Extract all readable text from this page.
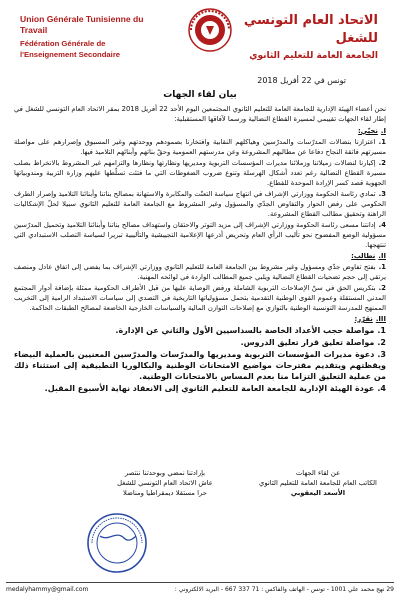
Union Générale Tunisienne du Travail
Fédération Générale de l'Enseignement Secondaire
الاتحاد العام التونسي للشغل
الجامعة العامة للتعليم الثانوي
تونس في 22 أفريل 2018
بيان لقاء الجهات

نحن أعضاء الهيئة الإدارية للجامعة العامة للتعليم الثانوي المجتمعين اليوم الأحد 22 أفريل 2018 بمقر الاتحاد العام التونسي للشغل في إطار لقاء الجهات تقييمي لمسيرة القطاع النضالية ورسما لآفاقها المستقبلية:

I.نحيّي:
1.اعتزازنا بنضالات المدرّسات والمدرّسين وهياكلهم النقابية وافتخارنا بصمودهم ووحدتهم وغير المسبوق وإصرارهم على مواصلة مسيرتهم فاتقة النجاح دفاعا عن مطالبهم المشروعة وعن مدرستهم العمومية وحقّ بناتهم وأبنائهم التلاميذ فيها.
2.إكبارنا لنضالات زميلاتنا وزملائنا مديرات المؤسسات التربوية ومديريها ونظارتها ونظارها والتزامهم غير المشروط بالانخراط بصلب مسيرة القطاع النضالية رغم تعدد أشكال الهرسلة وتنوع ضروب الضغوطات التي ما فتئت تسلّطها عليهم وزارة التربية ومندوبياتها الجهوية قصد كسر الإرادة الموحدة للقطاع.
3.تمادي رئاسة الحكومة ووزارتي الإشراف في انتهاج سياسة التعنّت والمكابرة والاستهانة بمصالح بناتنا وأبنائنا التلاميذ وإصرار الطرف الحكومي على رفض الحوار والتفاوض الجدّي والمسؤول وغير المشروط مع الجامعة العامة للتعليم الثانوي سبيلا لحلّ الإشكاليات الراهنة وتحقيق مطالب القطاع المشروعة.
4.إدانتنا مسعى رئاسة الحكومة ووزارتي الإشراف إلى مزيد التوتر والاحتقان واستهداف مصالح بناتنا وأبنائنا التلاميذ وتحميل المدرّسين مسؤولية الوضع المفضوح نحو تأليب الرأي العام وتحريض أذرعها الإعلامية التجييشية والتأليبية تبريرا لسياسة التصلب الاستبدادي التي تنتهجها.
II.نطالب:
1.بفتح تفاوض جدّي ومسؤول وغير مشروط بين الجامعة العامة للتعليم الثانوي ووزارتي الإشراف بما يفضي إلى اتفاق عادل ومنصف يرتقي إلى حجم تضحيات القطاع النضالية ويلبي جميع المطالب الواردة في لوائحه المهنية.
2.بتكريس الحق في سنّ الإصلاحات التربوية الشاملة ورفض الوصاية عليها من قبل الأطراف الحكومية ممثلة بإضافة أدوار المجتمع المدني المستقلة وعموم القوى الوطنية التقدمية بتحمل مسؤولياتها التاريخية في التصدي إلى سياسات الاستبداد الرامية إلى التخريب الممنهج للمدرسة التونسية الوطنية بالتوازي مع إصلاحات التوازن المالية والسياسات الخارجية الخاضعة لمصالح الطبقات الحاكمة.
III.نقرّر:
1.مواصلة حجب الأعداد الخاصة بالسداسيين الأول والثاني عن الإدارة.
2.مواصلة تعليق قرار تعليق الدروس.
3.دعوة مديرات المؤسسات التربوية ومديريها والمدرّسات والمدرّسين المعنيين بالعملية البيضاء ويقظتهم ويتقديم مقترحات مواضيع الامتحانات الوطنية والبكالوريا التطبيقية إلى استثناء ذلك من عملية التعليق التزاما منا بعدم المساس بالامتحانات الوطنية.
4.عودة الهيئة الإدارية للجامعة العامة للتعليم الثانوي إلى الانعقاد نهاية الأسبوع المقبل.
بإرادتنا نمضي وبوحدتنا ننتصر
عاش الاتحاد العام التونسي للشغل
حرا مستقلا ديمقراطيا ومناضلا
عن لقاء الجهات
الكاتب العام للجامعة العامة للتعليم الثانوي
الأسعد اليعقوبي
medalyhammy@gmail.com	29 نهج محمد علي 1001 - تونس - الهاتف والفاكس : 71 337 667 - البريد الالكتروني :
